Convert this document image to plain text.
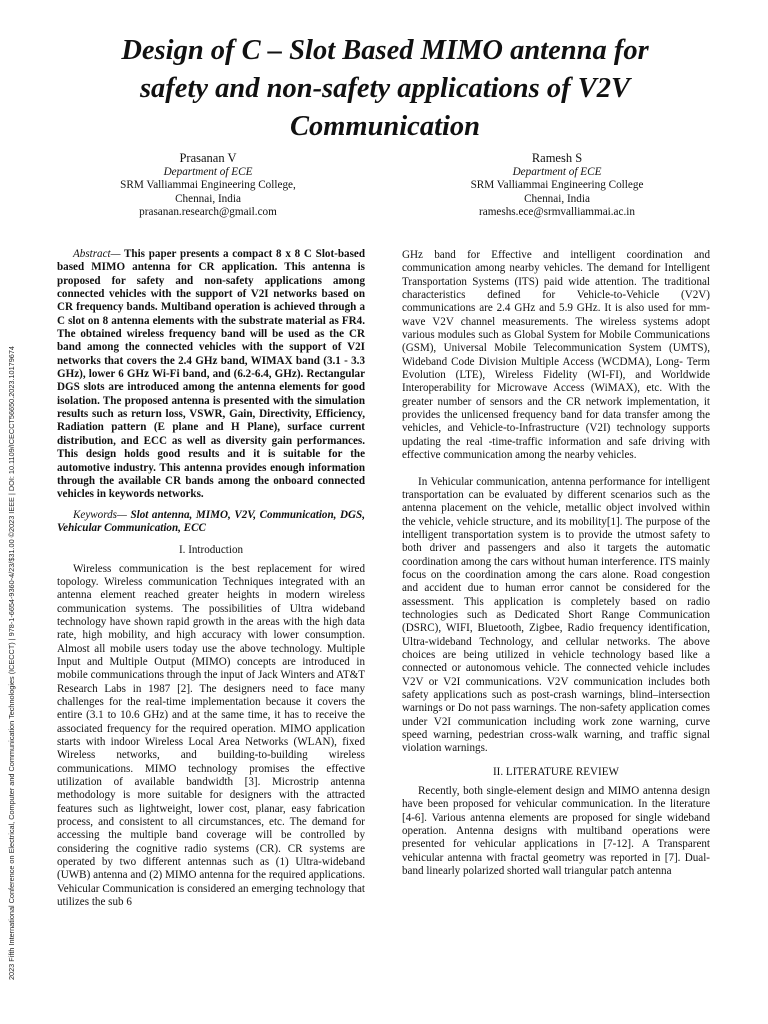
2023 Fifth International Conference on Electrical, Computer and Communication Technologies (ICECCT) | 978-1-6654-9360-4/23/$31.00 ©2023 IEEE | DOI: 10.1109/ICECCT56650.2023.10179674
Design of C – Slot Based MIMO antenna for safety and non-safety applications of V2V Communication
Prasanan V
Department of ECE
SRM Valliammai Engineering College,
Chennai, India
prasanan.research@gmail.com
Ramesh S
Department of ECE
SRM Valliammai Engineering College
Chennai, India
rameshs.ece@srmvalliammai.ac.in

Abstract— This paper presents a compact 8 x 8 C Slot-based based MIMO antenna for CR application. This antenna is proposed for safety and non-safety applications among connected vehicles with the support of V2I networks based on CR frequency bands. Multiband operation is achieved through a C slot on 8 antenna elements with the substrate material as FR4. The obtained wireless frequency band will be used as the CR band among the connected vehicles with the support of V2I networks that covers the 2.4 GHz band, WIMAX band (3.1 - 3.3 GHz), lower 6 GHz Wi-Fi band, and (6.2-6.4, GHz). Rectangular DGS slots are introduced among the antenna elements for good isolation. The proposed antenna is presented with the simulation results such as return loss, VSWR, Gain, Directivity, Efficiency, Radiation pattern (E plane and H Plane), surface current distribution, and ECC as well as diversity gain performances. This design holds good results and it is suitable for the automotive industry. This antenna provides enough information through the available CR bands among the onboard connected vehicles in keywords networks.

Keywords— Slot antenna, MIMO, V2V, Communication, DGS, Vehicular Communication, ECC

I. Introduction

Wireless communication is the best replacement for wired topology. Wireless communication Techniques integrated with an antenna element reached greater heights in modern wireless communication systems. The possibilities of Ultra wideband technology have shown rapid growth in the areas with the high data rate, high mobility, and high accuracy with lower consumption. Almost all mobile users today use the above technology. Multiple Input and Multiple Output (MIMO) concepts are introduced in mobile communications through the input of Jack Winters and AT&T Research Labs in 1987 [2]. The designers need to face many challenges for the real-time implementation because it covers the entire (3.1 to 10.6 GHz) and at the same time, it has to receive the associated frequency for the required operation. MIMO application starts with indoor Wireless Local Area Networks (WLAN), fixed Wireless networks, and building-to-building wireless communications. MIMO technology promises the effective utilization of available bandwidth [3]. Microstrip antenna methodology is more suitable for designers with the attracted features such as lightweight, lower cost, planar, easy fabrication process, and consistent to all circumstances, etc. The demand for accessing the multiple band coverage will be controlled by considering the cognitive radio systems (CR). CR systems are operated by two different antennas such as (1) Ultra-wideband (UWB) antenna and (2) MIMO antenna for the required applications. Vehicular Communication is considered an emerging technology that utilizes the sub 6

GHz band for Effective and intelligent coordination and communication among nearby vehicles. The demand for Intelligent Transportation Systems (ITS) paid wide attention. The traditional characteristics defined for Vehicle-to-Vehicle (V2V) communications are 2.4 GHz and 5.9 GHz. It is also used for mm-wave V2V channel measurements. The wireless systems adopt various modules such as Global System for Mobile Communications (GSM), Universal Mobile Telecommunication System (UMTS), Wideband Code Division Multiple Access (WCDMA), Long- Term Evolution (LTE), Wireless Fidelity (WI-FI), and Worldwide Interoperability for Microwave Access (WiMAX), etc. With the greater number of sensors and the CR network implementation, it provides the unlicensed frequency band for data transfer among the vehicles, and Vehicle-to-Infrastructure (V2I) technology supports updating the real -time-traffic information and safe driving with effective communication among the nearby vehicles.

In Vehicular communication, antenna performance for intelligent transportation can be evaluated by different scenarios such as the antenna placement on the vehicle, metallic object involved within the vehicle, vehicle structure, and its mobility[1]. The purpose of the intelligent transportation system is to provide the utmost safety to both driver and passengers and also it targets the automatic coordination among the cars without human interference. ITS mainly focus on the coordination among the cars alone. Road congestion and accident due to human error cannot be considered for the assessment. This application is completely based on radio technologies such as Dedicated Short Range Communication (DSRC), WIFI, Bluetooth, Zigbee, Radio frequency identification, Ultra-wideband Technology, and cellular networks. The above choices are being utilized in vehicle technology based like a connected or autonomous vehicle. The connected vehicle includes V2V or V2I communications. V2V communication includes both safety applications such as post-crash warnings, blind–intersection warnings or Do not pass warnings. The non-safety application comes under V2I communication including work zone warning, curve speed warning, pedestrian cross-walk warning, and traffic signal violation warnings.

II. LITERATURE REVIEW

Recently, both single-element design and MIMO antenna design have been proposed for vehicular communication. In the literature [4-6]. Various antenna elements are proposed for single wideband operation. Antenna designs with multiband operations were presented for vehicular applications in [7-12]. A Transparent vehicular antenna with fractal geometry was reported in [7]. Dual-band linearly polarized shorted wall triangular patch antenna
